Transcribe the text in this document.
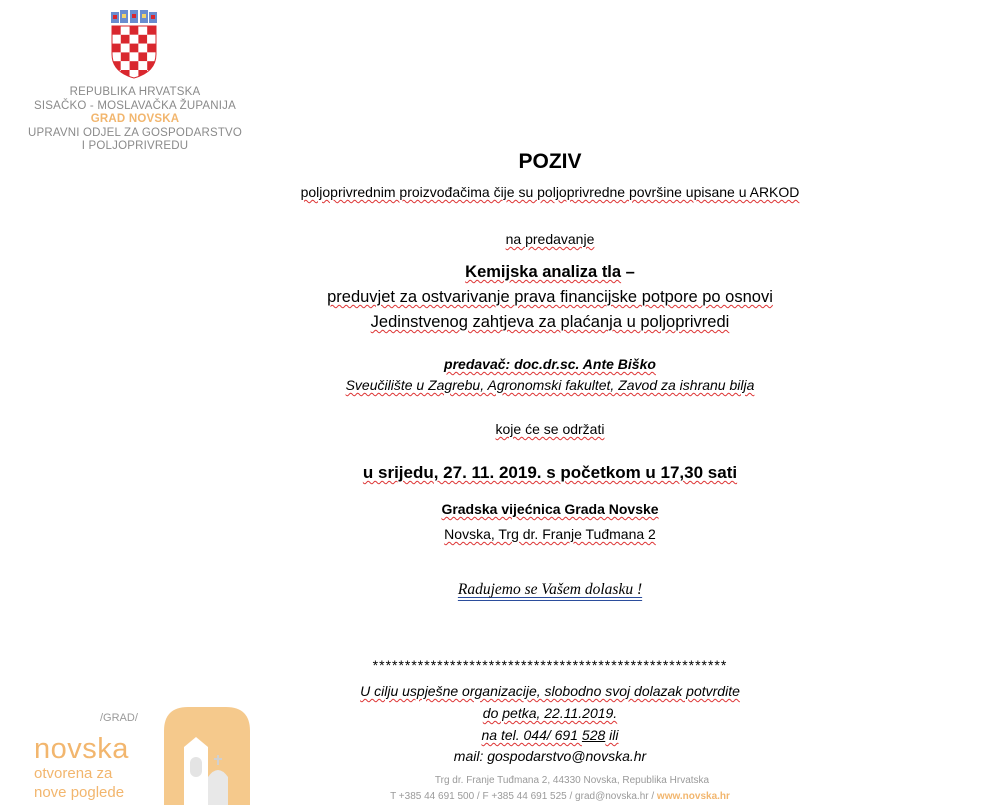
REPUBLIKA HRVATSKA
SISAČKO - MOSLAVAČKA ŽUPANIJA
GRAD NOVSKA
UPRAVNI ODJEL ZA GOSPODARSTVO
I POLJOPRIVREDU
POZIV
poljoprivrednim proizvođačima čije su poljoprivredne površine upisane u ARKOD
na predavanje
Kemijska analiza tla –
preduvjet za ostvarivanje prava financijske potpore po osnovi
Jedinstvenog zahtjeva za plaćanja u poljoprivredi
predavač: doc.dr.sc. Ante Biško
Sveučilište u Zagrebu, Agronomski fakultet, Zavod za ishranu bilja
koje će se održati
u srijedu, 27. 11. 2019. s početkom u 17,30 sati
Gradska vijećnica Grada Novske
Novska, Trg dr. Franje Tuđmana 2
Radujemo se Vašem dolasku !
*******************************************************
U cilju uspješne organizacije, slobodno svoj dolazak potvrdite
do petka, 22.11.2019.
na tel. 044/ 691 528 ili
mail: gospodarstvo@novska.hr
/GRAD/
novska
otvorena za
nove poglede
Trg dr. Franje Tuđmana 2, 44330 Novska, Republika Hrvatska
T +385 44 691 500 / F +385 44 691 525 / grad@novska.hr / www.novska.hr
